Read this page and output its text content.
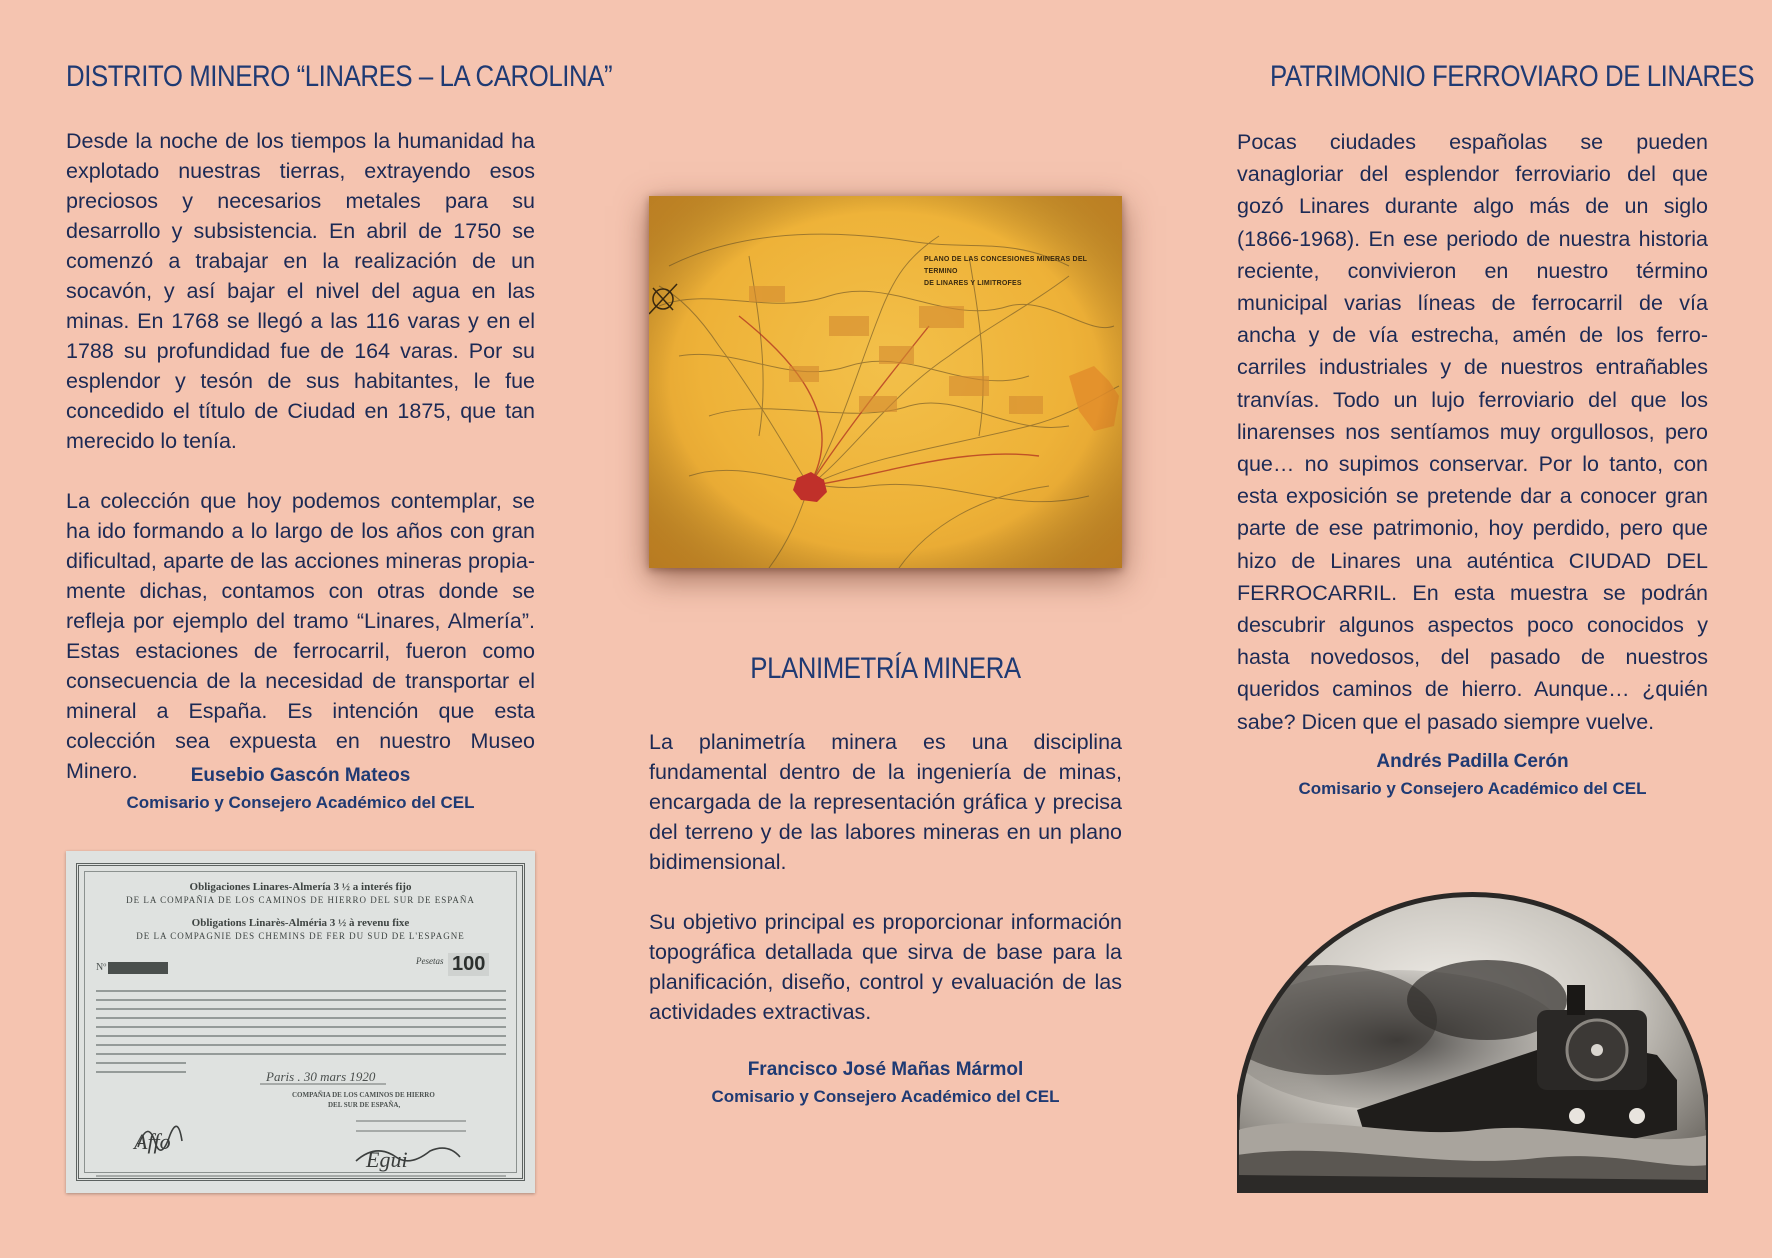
DISTRITO MINERO “LINARES – LA CAROLINA”

Desde la noche de los tiempos la humanidad ha explotado nuestras tierras, extrayendo esos preciosos y necesarios metales para su desarrollo y subsistencia. En abril de 1750 se comenzó a trabajar en la realización de un socavón, y así bajar el nivel del agua en las minas. En 1768 se llegó a las 116 varas y en el 1788 su profundidad fue de 164 varas. Por su esplendor y tesón de sus habitantes, le fue concedido el título de Ciudad en 1875, que tan merecido lo tenía.

La colección que hoy podemos contemplar, se ha ido formando a lo largo de los años con gran dificultad, aparte de las acciones mineras propiamente dichas, contamos con otras donde se refleja por ejemplo del tramo “Linares, Almería”. Estas estaciones de ferrocarril, fueron como consecuencia de la necesidad de transportar el mineral a España. Es intención que esta colección sea expuesta en nuestro Museo Minero.	Eusebio Gascón Mateos
Comisario y Consejero Académico del CEL
Obligaciones Linares-Almería 3 ½ a interés fijo
DE LA COMPAÑIA DE LOS CAMINOS DE HIERRO DEL SUR DE ESPAÑA
Obligations Linarès-Alméria 3 ½ à revenu fixe
DE LA COMPAGNIE DES CHEMINS DE FER DU SUD DE L'ESPAGNE
Nº
Pesetas 100
Paris . 30 mars 1920
COMPAÑIA DE LOS CAMINOS DE HIERRO
DEL SUR DE ESPAÑA,
Affo
Egui
PLANO DE LAS CONCESIONES MINERAS DEL TERMINO
DE LINARES Y LIMITROFES
PLANIMETRÍA MINERA

La planimetría minera es una disciplina fundamental dentro de la ingeniería de minas, encargada de la representación gráfica y precisa del terreno y de las labores mineras en un plano bidimensional.

Su objetivo principal es proporcionar información topográfica detallada que sirva de base para la planificación, diseño, control y evaluación de las actividades extractivas.

Francisco José Mañas Mármol
Comisario y Consejero Académico del CEL
PATRIMONIO FERROVIARO DE LINARES

Pocas ciudades españolas se pueden vanagloriar del esplendor ferroviario del que gozó Linares durante algo más de un siglo (1866-1968). En ese periodo de nuestra historia reciente, convivieron en nuestro término municipal varias líneas de ferrocarril de vía ancha y de vía estrecha, amén de los ferro-carriles industriales y de nuestros entrañables tranvías. Todo un lujo ferroviario del que los linarenses nos sentíamos muy orgullosos, pero que… no supimos conservar. Por lo tanto, con esta exposición se pretende dar a conocer gran parte de ese patrimonio, hoy perdido, pero que hizo de Linares una auténtica CIUDAD DEL FERROCARRIL. En esta muestra se podrán descubrir algunos aspectos poco conocidos y hasta novedosos, del pasado de nuestros queridos caminos de hierro. Aunque… ¿quién sabe? Dicen que el pasado siempre vuelve.

Andrés Padilla Cerón
Comisario y Consejero Académico del CEL
